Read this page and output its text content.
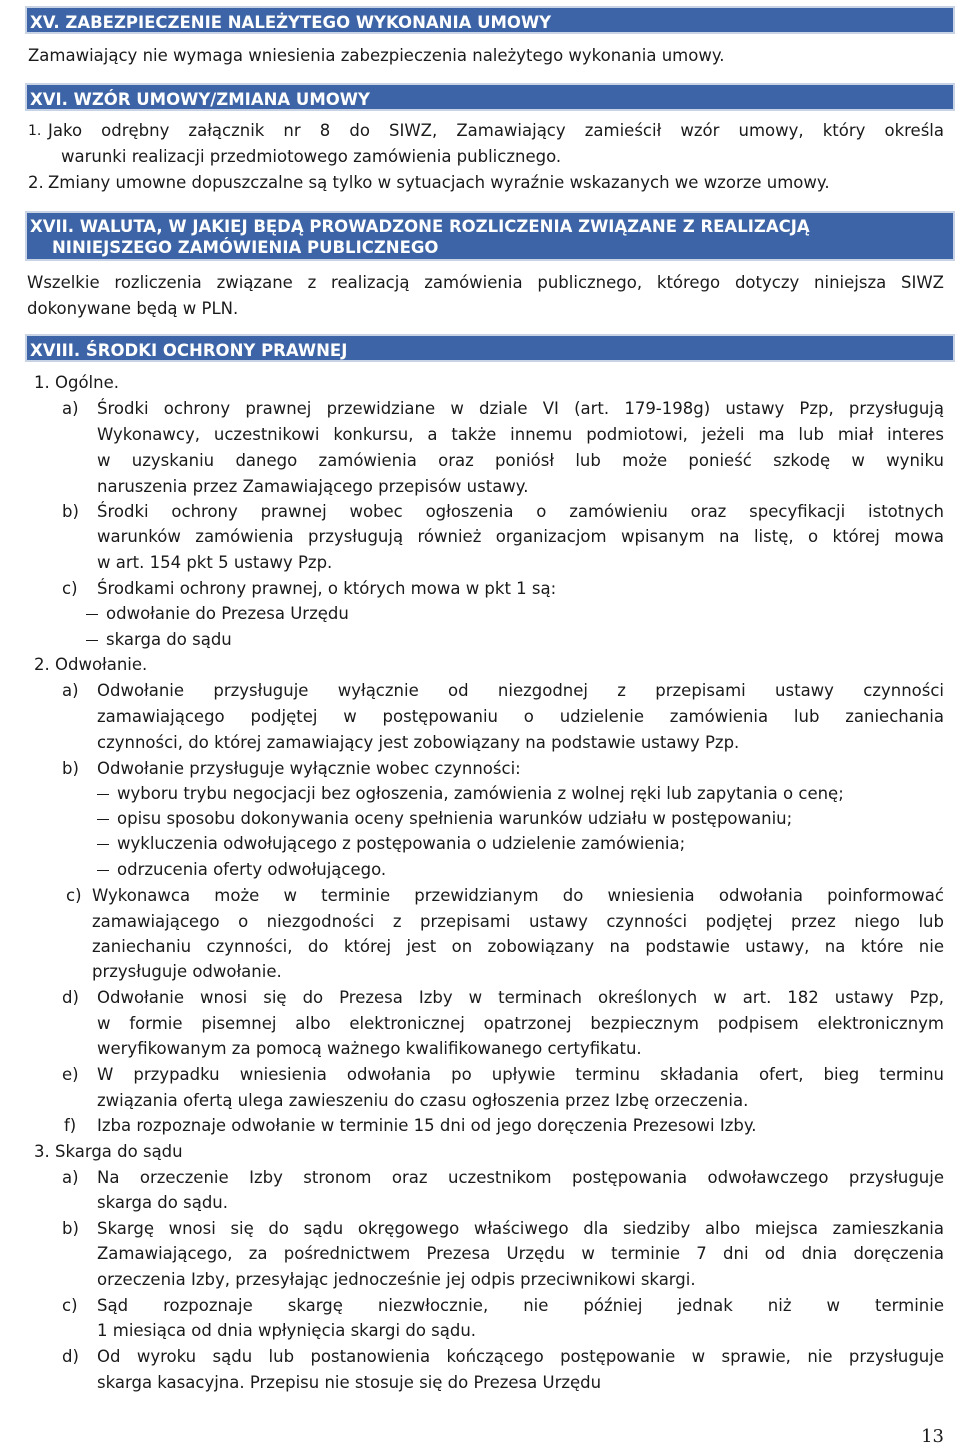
XV. ZABEZPIECZENIE NALEŻYTEGO WYKONANIA UMOWY
Zamawiający nie wymaga wniesienia zabezpieczenia należytego wykonania umowy.
XVI. WZÓR UMOWY/ZMIANA UMOWY
1. Jako odrębny załącznik nr 8 do SIWZ, Zamawiający zamieścił wzór umowy, który określa
warunki realizacji przedmiotowego zamówienia publicznego.
2. Zmiany umowne dopuszczalne są tylko w sytuacjach wyraźnie wskazanych we wzorze umowy.
XVII. WALUTA, W JAKIEJ BĘDĄ PROWADZONE ROZLICZENIA ZWIĄZANE Z REALIZACJĄ
NINIEJSZEGO ZAMÓWIENIA PUBLICZNEGO
Wszelkie rozliczenia związane z realizacją zamówienia publicznego, którego dotyczy niniejsza SIWZ
dokonywane będą w PLN.
XVIII. ŚRODKI OCHRONY PRAWNEJ
1. Ogólne.
a) Środki ochrony prawnej przewidziane w dziale VI (art. 179-198g) ustawy Pzp, przysługują
Wykonawcy, uczestnikowi konkursu, a także innemu podmiotowi, jeżeli ma lub miał interes
w uzyskaniu danego zamówienia oraz poniósł lub może ponieść szkodę w wyniku
naruszenia przez Zamawiającego przepisów ustawy.
b) Środki ochrony prawnej wobec ogłoszenia o zamówieniu oraz specyfikacji istotnych
warunków zamówienia przysługują również organizacjom wpisanym na listę, o której mowa
w art. 154 pkt 5 ustawy Pzp.
c) Środkami ochrony prawnej, o których mowa w pkt 1 są:
odwołanie do Prezesa Urzędu
skarga do sądu
2. Odwołanie.
a) Odwołanie przysługuje wyłącznie od niezgodnej z przepisami ustawy czynności
zamawiającego podjętej w postępowaniu o udzielenie zamówienia lub zaniechania
czynności, do której zamawiający jest zobowiązany na podstawie ustawy Pzp.
b) Odwołanie przysługuje wyłącznie wobec czynności:
wyboru trybu negocjacji bez ogłoszenia, zamówienia z wolnej ręki lub zapytania o cenę;
opisu sposobu dokonywania oceny spełnienia warunków udziału w postępowaniu;
wykluczenia odwołującego z postępowania o udzielenie zamówienia;
odrzucenia oferty odwołującego.
c) Wykonawca może w terminie przewidzianym do wniesienia odwołania poinformować
zamawiającego o niezgodności z przepisami ustawy czynności podjętej przez niego lub
zaniechaniu czynności, do której jest on zobowiązany na podstawie ustawy, na które nie
przysługuje odwołanie.
d) Odwołanie wnosi się do Prezesa Izby w terminach określonych w art. 182 ustawy Pzp,
w formie pisemnej albo elektronicznej opatrzonej bezpiecznym podpisem elektronicznym
weryfikowanym za pomocą ważnego kwalifikowanego certyfikatu.
e) W przypadku wniesienia odwołania po upływie terminu składania ofert, bieg terminu
związania ofertą ulega zawieszeniu do czasu ogłoszenia przez Izbę orzeczenia.
f) Izba rozpoznaje odwołanie w terminie 15 dni od jego doręczenia Prezesowi Izby.
3. Skarga do sądu
a) Na orzeczenie Izby stronom oraz uczestnikom postępowania odwoławczego przysługuje
skarga do sądu.
b) Skargę wnosi się do sądu okręgowego właściwego dla siedziby albo miejsca zamieszkania
Zamawiającego, za pośrednictwem Prezesa Urzędu w terminie 7 dni od dnia doręczenia
orzeczenia Izby, przesyłając jednocześnie jej odpis przeciwnikowi skargi.
c) Sąd rozpoznaje skargę niezwłocznie, nie później jednak niż w terminie
1 miesiąca od dnia wpłynięcia skargi do sądu.
d) Od wyroku sądu lub postanowienia kończącego postępowanie w sprawie, nie przysługuje
skarga kasacyjna. Przepisu nie stosuje się do Prezesa Urzędu
13
